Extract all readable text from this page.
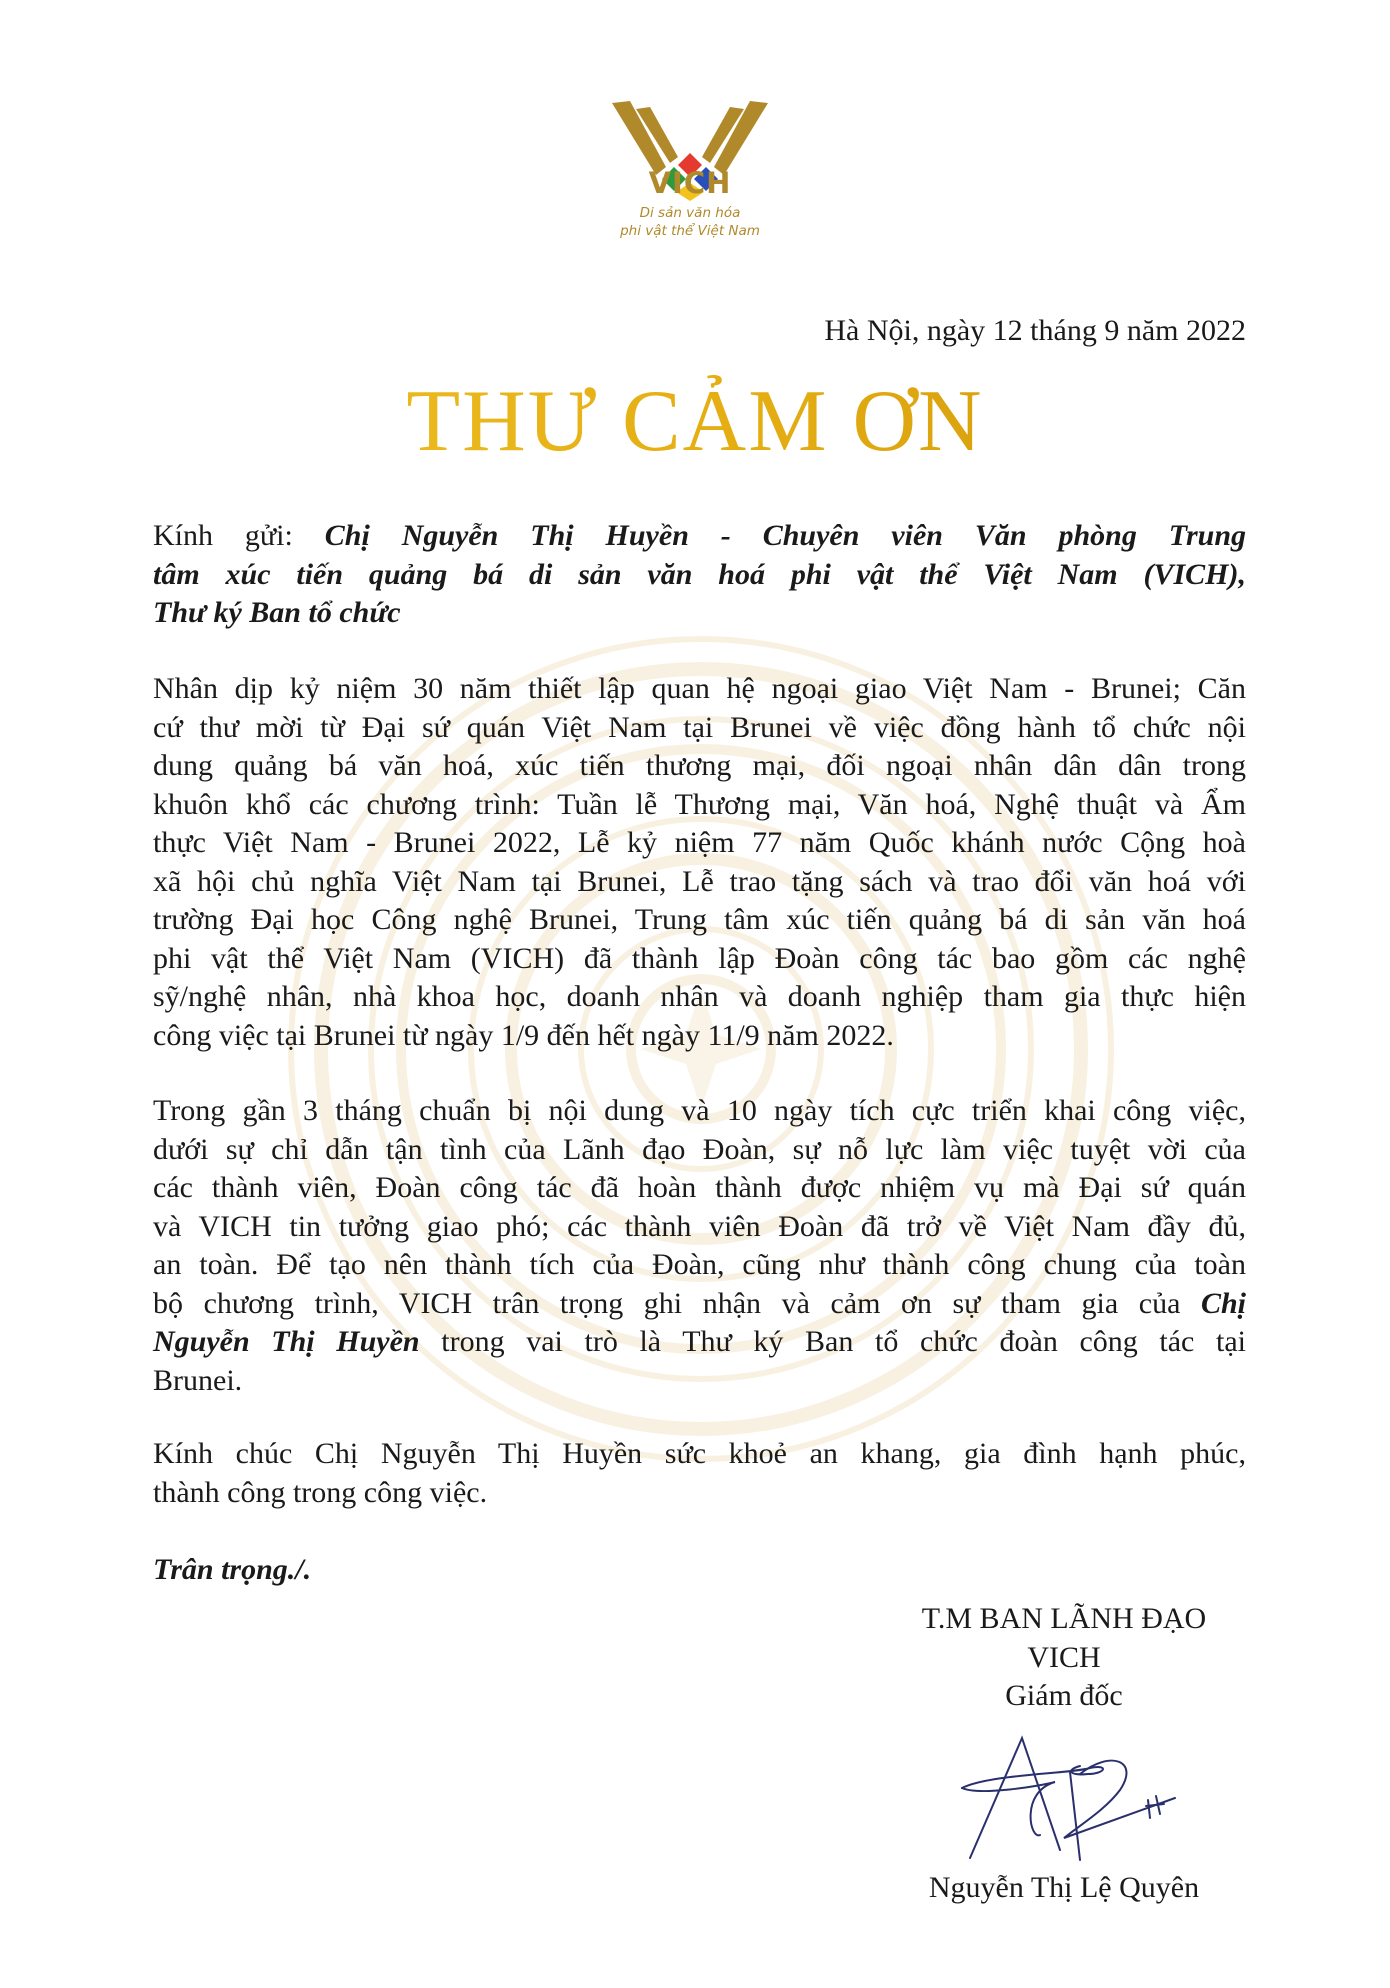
VICH
Di sản văn hóa
phi vật thể Việt Nam
Hà Nội, ngày 12 tháng 9 năm 2022
THƯ CẢM ƠN
Kính gửi: Chị Nguyễn Thị Huyền - Chuyên viên Văn phòng Trung
tâm xúc tiến quảng bá di sản văn hoá phi vật thể Việt Nam (VICH),
Thư ký Ban tổ chức
Nhân dịp kỷ niệm 30 năm thiết lập quan hệ ngoại giao Việt Nam - Brunei; Căn
cứ thư mời từ Đại sứ quán Việt Nam tại Brunei về việc đồng hành tổ chức nội
dung quảng bá văn hoá, xúc tiến thương mại, đối ngoại nhân dân dân trong
khuôn khổ các chương trình: Tuần lễ Thương mại, Văn hoá, Nghệ thuật và Ẩm
thực Việt Nam - Brunei 2022, Lễ kỷ niệm 77 năm Quốc khánh nước Cộng hoà
xã hội chủ nghĩa Việt Nam tại Brunei, Lễ trao tặng sách và trao đổi văn hoá với
trường Đại học Công nghệ Brunei, Trung tâm xúc tiến quảng bá di sản văn hoá
phi vật thể Việt Nam (VICH) đã thành lập Đoàn công tác bao gồm các nghệ
sỹ/nghệ nhân, nhà khoa học, doanh nhân và doanh nghiệp tham gia thực hiện
công việc tại Brunei từ ngày 1/9 đến hết ngày 11/9 năm 2022.
Trong gần 3 tháng chuẩn bị nội dung và 10 ngày tích cực triển khai công việc,
dưới sự chỉ dẫn tận tình của Lãnh đạo Đoàn, sự nỗ lực làm việc tuyệt vời của
các thành viên, Đoàn công tác đã hoàn thành được nhiệm vụ mà Đại sứ quán
và VICH tin tưởng giao phó; các thành viên Đoàn đã trở về Việt Nam đầy đủ,
an toàn. Để tạo nên thành tích của Đoàn, cũng như thành công chung của toàn
bộ chương trình, VICH trân trọng ghi nhận và cảm ơn sự tham gia của Chị
Nguyễn Thị Huyền trong vai trò là Thư ký Ban tổ chức đoàn công tác tại
Brunei.
Kính chúc Chị Nguyễn Thị Huyền sức khoẻ an khang, gia đình hạnh phúc,
thành công trong công việc.
Trân trọng./.
T.M BAN LÃNH ĐẠO
VICH
Giám đốc
Nguyễn Thị Lệ Quyên
